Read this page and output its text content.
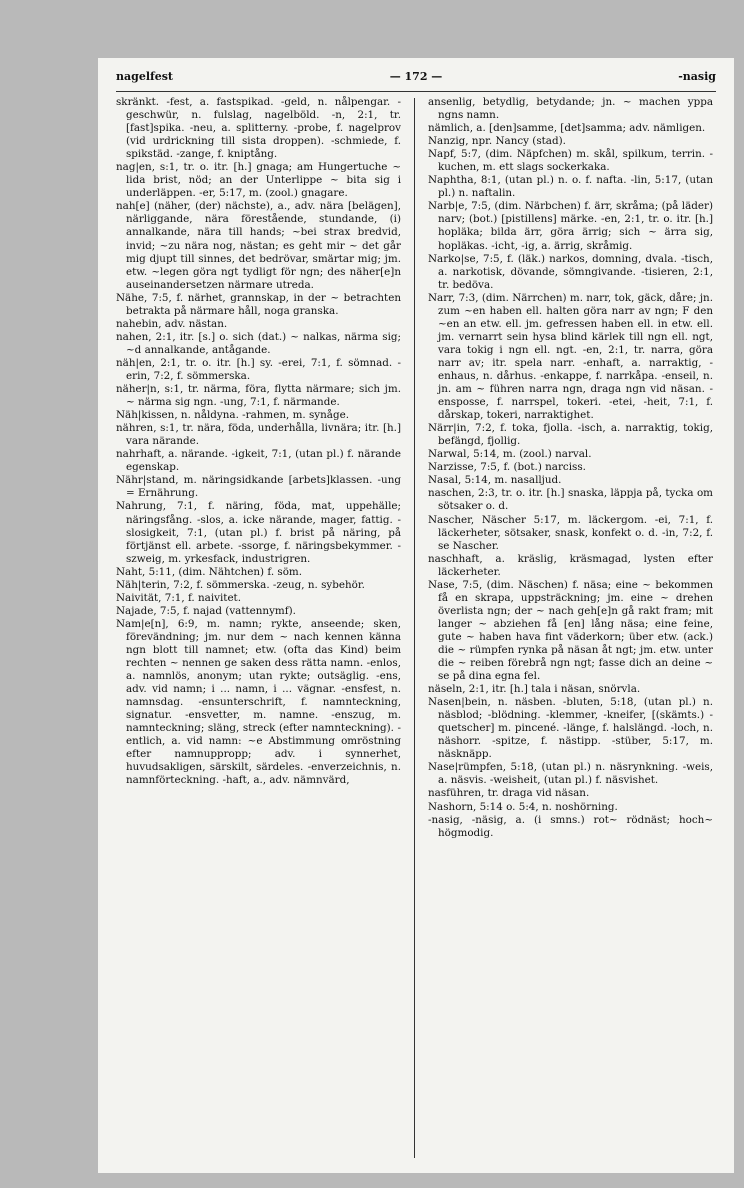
nagelfest	— 172 —	-nasig

skränkt. -fest, a. fastspikad. -geld, n. nålpengar. -geschwür, n. fulslag, nagelböld. -n, 2:1, tr. [fast]spika. -neu, a. splitterny. -probe, f. nagelprov (vid urdrickning till sista droppen). -schmiede, f. spikstäd. -zange, f. kniptång.

nag|en, s:1, tr. o. itr. [h.] gnaga; am Hungertuche ~ lida brist, nöd; an der Unterlippe ~ bita sig i underläppen. -er, 5:17, m. (zool.) gnagare.

nah[e] (näher, (der) nächste), a., adv. nära [belägen], närliggande, nära förestående, stundande, (i) annalkande, nära till hands; ~bei strax bredvid, invid; ~zu nära nog, nästan; es geht mir ~ det går mig djupt till sinnes, det bedrövar, smärtar mig; jm. etw. ~legen göra ngt tydligt för ngn; des näher[e]n auseinandersetzen närmare utreda.

Nähe, 7:5, f. närhet, grannskap, in der ~ betrachten betrakta på närmare håll, noga granska.

nahebin, adv. nästan.

nahen, 2:1, itr. [s.] o. sich (dat.) ~ nalkas, närma sig; ~d annalkande, antågande.

näh|en, 2:1, tr. o. itr. [h.] sy. -erei, 7:1, f. sömnad. -erin, 7:2, f. sömmerska.

näher|n, s:1, tr. närma, föra, flytta närmare; sich jm. ~ närma sig ngn. -ung, 7:1, f. närmande.

Näh|kissen, n. nåldyna. -rahmen, m. synåge.

nähren, s:1, tr. nära, föda, underhålla, livnära; itr. [h.] vara närande.

nahrhaft, a. närande. -igkeit, 7:1, (utan pl.) f. närande egenskap.

Nähr|stand, m. näringsidkande [arbets]klassen. -ung = Ernährung.

Nahrung, 7:1, f. näring, föda, mat, uppehälle; näringsfång. -slos, a. icke närande, mager, fattig. -slosigkeit, 7:1, (utan pl.) f. brist på näring, på förtjänst ell. arbete. -ssorge, f. näringsbekymmer. -szweig, m. yrkesfack, industrigren.

Naht, 5:11, (dim. Nähtchen) f. söm.

Näh|terin, 7:2, f. sömmerska. -zeug, n. sybehör.

Naivität, 7:1, f. naivitet.

Najade, 7:5, f. najad (vattennymf).

Nam|e[n], 6:9, m. namn; rykte, anseende; sken, förevändning; jm. nur dem ~ nach kennen känna ngn blott till namnet; etw. (ofta das Kind) beim rechten ~ nennen ge saken dess rätta namn. -enlos, a. namnlös, anonym; utan rykte; outsäglig. -ens, adv. vid namn; i ... namn, i ... vägnar. -ensfest, n. namnsdag. -ensunterschrift, f. namnteckning, signatur. -ensvetter, m. namne. -enszug, m. namnteckning; släng, streck (efter namnteckning). -entlich, a. vid namn: ~e Abstimmung omröstning efter namnuppropp; adv. i synnerhet, huvudsakligen, särskilt, särdeles. -enverzeichnis, n. namnförteckning. -haft, a., adv. nämnvärd,

ansenlig, betydlig, betydande; jn. ~ machen yppa ngns namn.

nämlich, a. [den]samme, [det]samma; adv. nämligen.

Nanzig, npr. Nancy (stad).

Napf, 5:7, (dim. Näpfchen) m. skål, spilkum, terrin. -kuchen, m. ett slags sockerkaka.

Naphtha, 8:1, (utan pl.) n. o. f. nafta. -lin, 5:17, (utan pl.) n. naftalin.

Narb|e, 7:5, (dim. Närbchen) f. ärr, skråma; (på läder) narv; (bot.) [pistillens] märke. -en, 2:1, tr. o. itr. [h.] hopläka; bilda ärr, göra ärrig; sich ~ ärra sig, hopläkas. -icht, -ig, a. ärrig, skråmig.

Narko|se, 7:5, f. (läk.) narkos, domning, dvala. -tisch, a. narkotisk, dövande, sömngivande. -tisieren, 2:1, tr. bedöva.

Narr, 7:3, (dim. Närrchen) m. narr, tok, gäck, dåre; jn. zum ~en haben ell. halten göra narr av ngn; F den ~en an etw. ell. jm. gefressen haben ell. in etw. ell. jm. vernarrt sein hysa blind kärlek till ngn ell. ngt, vara tokig i ngn ell. ngt. -en, 2:1, tr. narra, göra narr av; itr. spela narr. -enhaft, a. narraktig, -enhaus, n. dårhus. -enkappe, f. narrkåpa. -enseil, n. jn. am ~ führen narra ngn, draga ngn vid näsan. -enspossе, f. narrspel, tokeri. -etei, -heit, 7:1, f. dårskap, tokeri, narraktighet.

Närr|in, 7:2, f. toka, fjolla. -isch, a. narraktig, tokig, befängd, fjollig.

Narwal, 5:14, m. (zool.) narval.

Narzisse, 7:5, f. (bot.) narciss.

Nasal, 5:14, m. nasalljud.

naschen, 2:3, tr. o. itr. [h.] snaska, läppja på, tycka om sötsaker o. d.

Nascher, Näscher 5:17, m. läckergom. -ei, 7:1, f. läckerheter, sötsaker, snask, konfekt o. d. -in, 7:2, f. se Nascher.

naschhaft, a. kräslig, kräsmagad, lysten efter läckerheter.

Nase, 7:5, (dim. Näschen) f. näsa; eine ~ bekommen få en skrapa, uppsträckning; jm. eine ~ drehen överlista ngn; der ~ nach geh[e]n gå rakt fram; mit langer ~ abziehen få [en] lång näsa; eine feine, gute ~ haben hava fint väderkorn; über etw. (ack.) die ~ rümpfen rynka på näsan åt ngt; jm. etw. unter die ~ reiben förebrå ngn ngt; fasse dich an deine ~ se på dina egna fel.

näseln, 2:1, itr. [h.] tala i näsan, snörvla.

Nasen|bein, n. näsben. -bluten, 5:18, (utan pl.) n. näsblod; -blödning. -klemmer, -kneifer, [(skämts.) -quetscher] m. pincené. -länge, f. halslängd. -loch, n. näshorr. -spitze, f. nästipp. -stüber, 5:17, m. näsknäpp.

Nase|rümpfen, 5:18, (utan pl.) n. näsrynkning. -weis, a. näsvis. -weisheit, (utan pl.) f. näsvishet.

nasführen, tr. draga vid näsan.

Nashorn, 5:14 o. 5:4, n. noshörning.

-nasig, -näsig, a. (i smns.) rot~ rödnäst; hoch~ högmodig.
